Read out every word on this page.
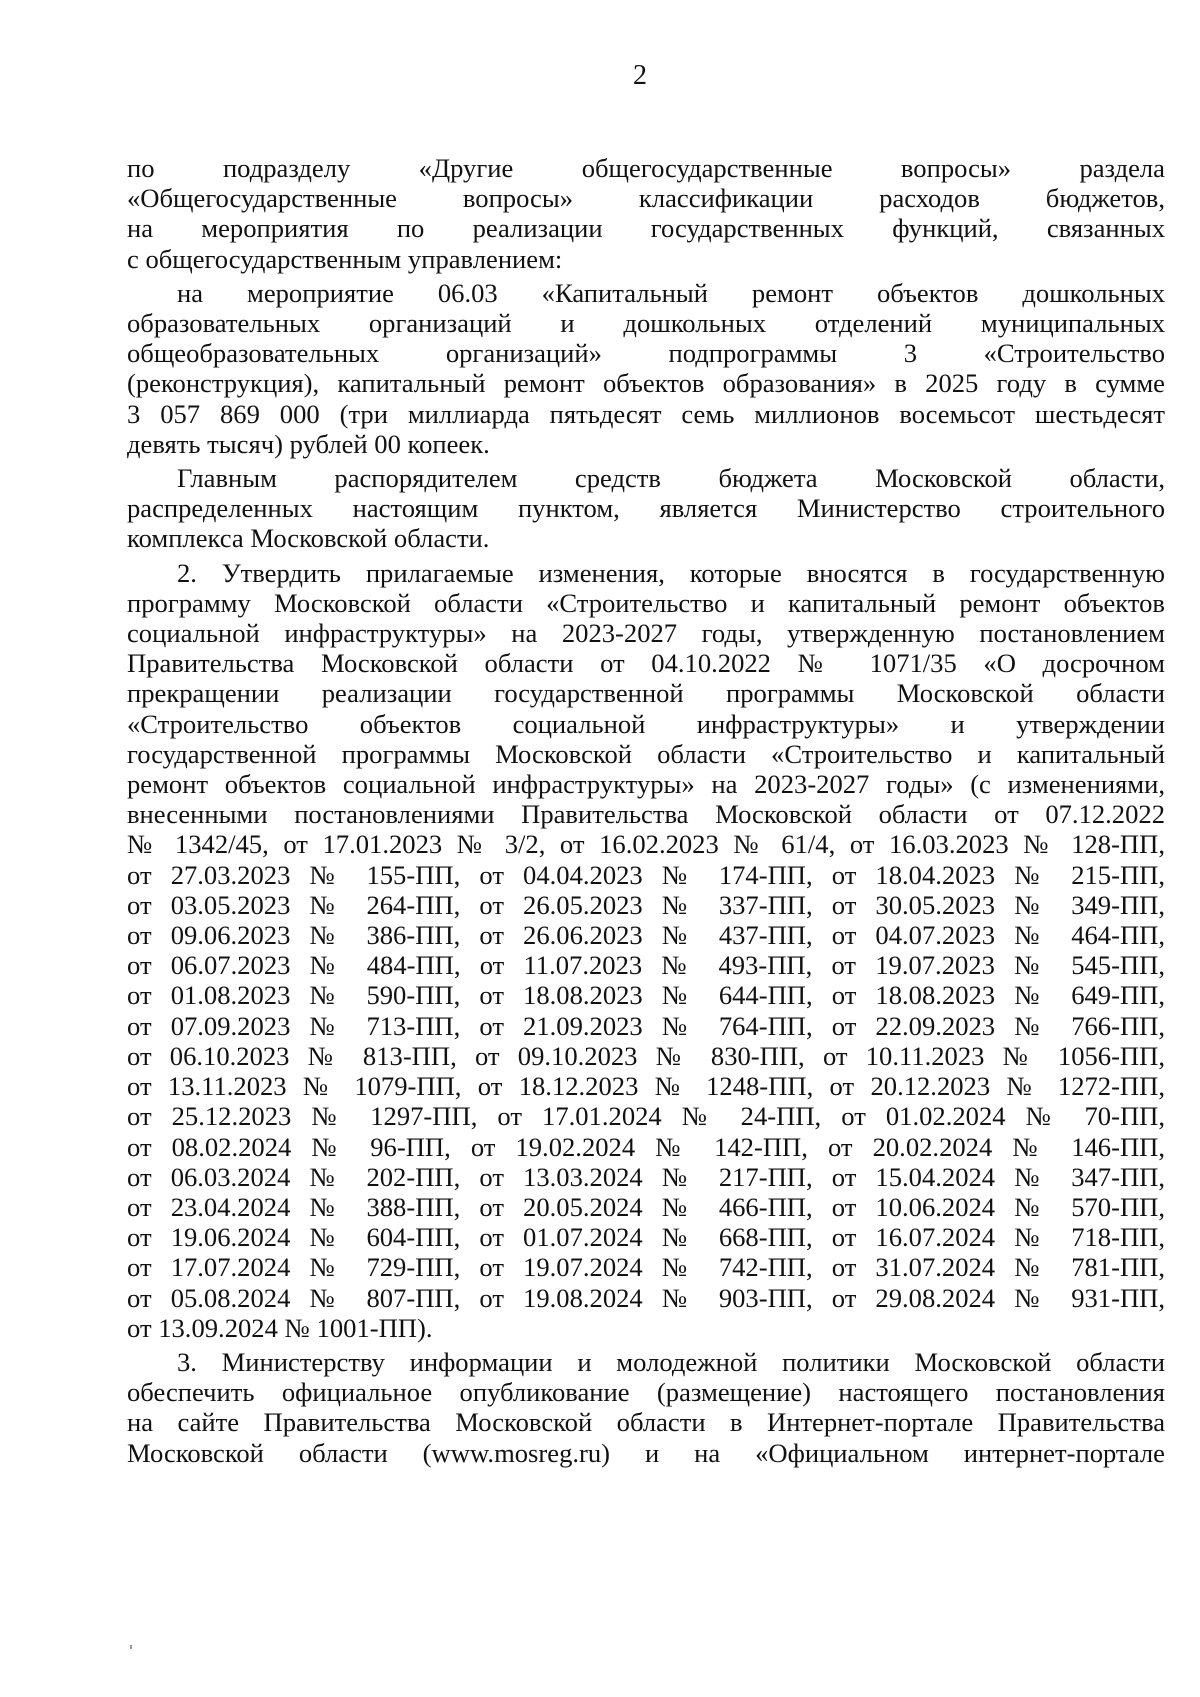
2
по подразделу «Другие общегосударственные вопросы» раздела
«Общегосударственные вопросы» классификации расходов бюджетов,
на мероприятия по реализации государственных функций, связанных
с общегосударственным управлением:
на мероприятие 06.03 «Капитальный ремонт объектов дошкольных
образовательных организаций и дошкольных отделений муниципальных
общеобразовательных организаций» подпрограммы 3 «Строительство
(реконструкция), капитальный ремонт объектов образования» в 2025 году в сумме
3 057 869 000 (три миллиарда пятьдесят семь миллионов восемьсот шестьдесят
девять тысяч) рублей 00 копеек.
Главным распорядителем средств бюджета Московской области,
распределенных настоящим пунктом, является Министерство строительного
комплекса Московской области.
2. Утвердить прилагаемые изменения, которые вносятся в государственную
программу Московской области «Строительство и капитальный ремонт объектов
социальной инфраструктуры» на 2023-2027 годы, утвержденную постановлением
Правительства Московской области от 04.10.2022 № 1071/35 «О досрочном
прекращении реализации государственной программы Московской области
«Строительство объектов социальной инфраструктуры» и утверждении
государственной программы Московской области «Строительство и капитальный
ремонт объектов социальной инфраструктуры» на 2023-2027 годы» (с изменениями,
внесенными постановлениями Правительства Московской области от 07.12.2022
№ 1342/45, от 17.01.2023 № 3/2, от 16.02.2023 № 61/4, от 16.03.2023 № 128-ПП,
от 27.03.2023 № 155-ПП, от 04.04.2023 № 174-ПП, от 18.04.2023 № 215-ПП,
от 03.05.2023 № 264-ПП, от 26.05.2023 № 337-ПП, от 30.05.2023 № 349-ПП,
от 09.06.2023 № 386-ПП, от 26.06.2023 № 437-ПП, от 04.07.2023 № 464-ПП,
от 06.07.2023 № 484-ПП, от 11.07.2023 № 493-ПП, от 19.07.2023 № 545-ПП,
от 01.08.2023 № 590-ПП, от 18.08.2023 № 644-ПП, от 18.08.2023 № 649-ПП,
от 07.09.2023 № 713-ПП, от 21.09.2023 № 764-ПП, от 22.09.2023 № 766-ПП,
от 06.10.2023 № 813-ПП, от 09.10.2023 № 830-ПП, от 10.11.2023 № 1056-ПП,
от 13.11.2023 № 1079-ПП, от 18.12.2023 № 1248-ПП, от 20.12.2023 № 1272-ПП,
от 25.12.2023 № 1297-ПП, от 17.01.2024 № 24-ПП, от 01.02.2024 № 70-ПП,
от 08.02.2024 № 96-ПП, от 19.02.2024 № 142-ПП, от 20.02.2024 № 146-ПП,
от 06.03.2024 № 202-ПП, от 13.03.2024 № 217-ПП, от 15.04.2024 № 347-ПП,
от 23.04.2024 № 388-ПП, от 20.05.2024 № 466-ПП, от 10.06.2024 № 570-ПП,
от 19.06.2024 № 604-ПП, от 01.07.2024 № 668-ПП, от 16.07.2024 № 718-ПП,
от 17.07.2024 № 729-ПП, от 19.07.2024 № 742-ПП, от 31.07.2024 № 781-ПП,
от 05.08.2024 № 807-ПП, от 19.08.2024 № 903-ПП, от 29.08.2024 № 931-ПП,
от 13.09.2024 № 1001-ПП).
3. Министерству информации и молодежной политики Московской области
обеспечить официальное опубликование (размещение) настоящего постановления
на сайте Правительства Московской области в Интернет-портале Правительства
Московской области (www.mosreg.ru) и на «Официальном интернет-портале
